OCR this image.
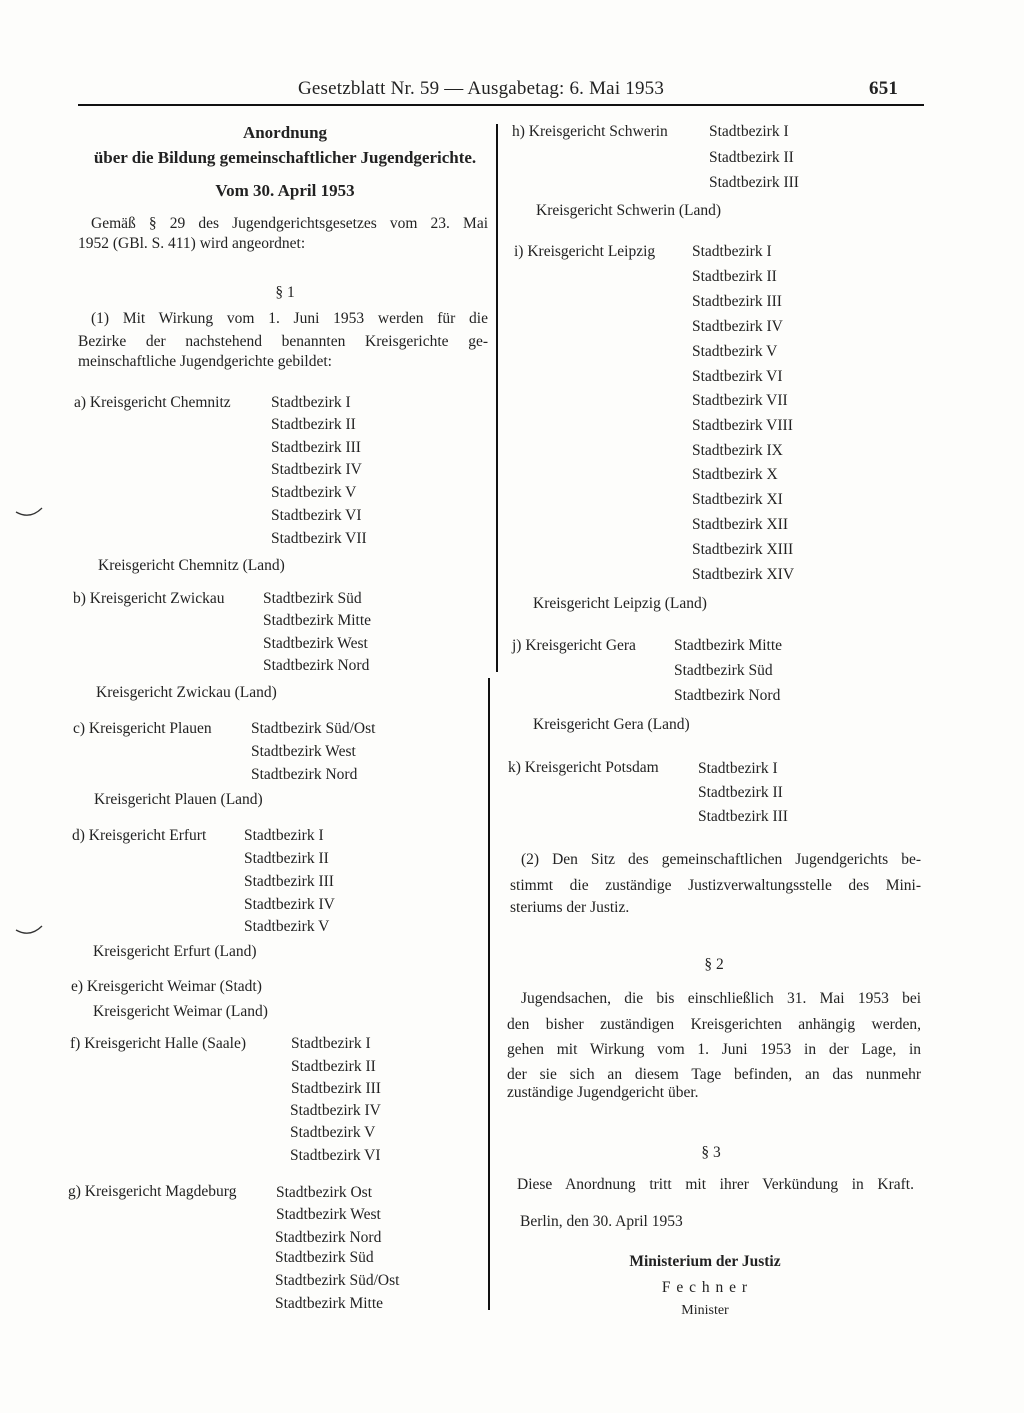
Gesetzblatt Nr. 59 — Ausgabetag: 6. Mai 1953	651
Anordnung
über die Bildung gemeinschaftlicher Jugendgerichte.
Vom 30. April 1953
Gemäß § 29 des Jugendgerichtsgesetzes vom 23. Mai
1952 (GBl. S. 411) wird angeordnet:
§ 1
(1) Mit Wirkung vom 1. Juni 1953 werden für die
Bezirke der nachstehend benannten Kreisgerichte ge-
meinschaftliche Jugendgerichte gebildet:
a) Kreisgericht Chemnitz	Stadtbezirk I
Stadtbezirk II
Stadtbezirk III
Stadtbezirk IV
Stadtbezirk V
Stadtbezirk VI
Stadtbezirk VII
Kreisgericht Chemnitz (Land)
b) Kreisgericht Zwickau Stadtbezirk Süd
Stadtbezirk Mitte
Stadtbezirk West
Stadtbezirk Nord
Kreisgericht Zwickau (Land)
c) Kreisgericht Plauen	Stadtbezirk Süd/Ost
Stadtbezirk West
Stadtbezirk Nord
Kreisgericht Plauen (Land)
d) Kreisgericht Erfurt Stadtbezirk I
Stadtbezirk II
Stadtbezirk III
Stadtbezirk IV
Stadtbezirk V
Kreisgericht Erfurt (Land)
e) Kreisgericht Weimar (Stadt)
Kreisgericht Weimar (Land)
f) Kreisgericht Halle (Saale)	Stadtbezirk I
Stadtbezirk II
Stadtbezirk III
Stadtbezirk IV
Stadtbezirk V
Stadtbezirk VI
g) Kreisgericht Magdeburg	Stadtbezirk Ost
Stadtbezirk West
Stadtbezirk Nord
Stadtbezirk Süd
Stadtbezirk Süd/Ost
Stadtbezirk Mitte
h) Kreisgericht Schwerin	Stadtbezirk I
Stadtbezirk II
Stadtbezirk III
Kreisgericht Schwerin (Land)
i) Kreisgericht Leipzig Stadtbezirk I
Stadtbezirk II
Stadtbezirk III
Stadtbezirk IV
Stadtbezirk V
Stadtbezirk VI
Stadtbezirk VII
Stadtbezirk VIII
Stadtbezirk IX
Stadtbezirk X
Stadtbezirk XI
Stadtbezirk XII
Stadtbezirk XIII
Stadtbezirk XIV
Kreisgericht Leipzig (Land)
j) Kreisgericht Gera Stadtbezirk Mitte
Stadtbezirk Süd
Stadtbezirk Nord
Kreisgericht Gera (Land)
k) Kreisgericht Potsdam	Stadtbezirk I
Stadtbezirk II
Stadtbezirk III
(2) Den Sitz des gemeinschaftlichen Jugendgerichts be-
stimmt die zuständige Justizverwaltungsstelle des Mini-
steriums der Justiz.
§ 2
Jugendsachen, die bis einschließlich 31. Mai 1953 bei
den bisher zuständigen Kreisgerichten anhängig werden,
gehen mit Wirkung vom 1. Juni 1953 in der Lage, in
der sie sich an diesem Tage befinden, an das nunmehr
zuständige Jugendgericht über.
§ 3
Diese Anordnung tritt mit ihrer Verkündung in Kraft.
Berlin, den 30. April 1953
Ministerium der Justiz
F e c h n e r
Minister
